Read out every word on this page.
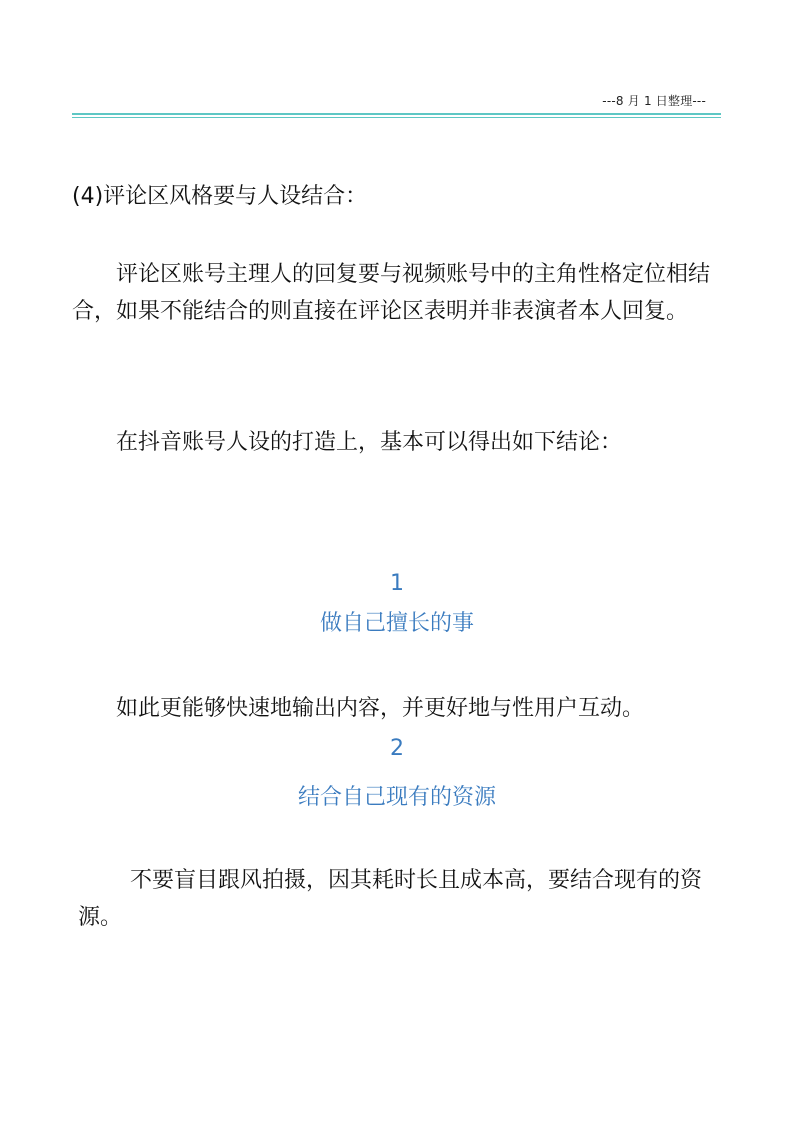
---8 月 1 日整理---

(4)评论区风格要与人设结合：

评论区账号主理人的回复要与视频账号中的主角性格定位相结合，如果不能结合的则直接在评论区表明并非表演者本人回复。

在抖音账号人设的打造上，基本可以得出如下结论：

1

做自己擅长的事

如此更能够快速地输出内容，并更好地与性用户互动。

2

结合自己现有的资源

不要盲目跟风拍摄，因其耗时长且成本高，要结合现有的资源。
